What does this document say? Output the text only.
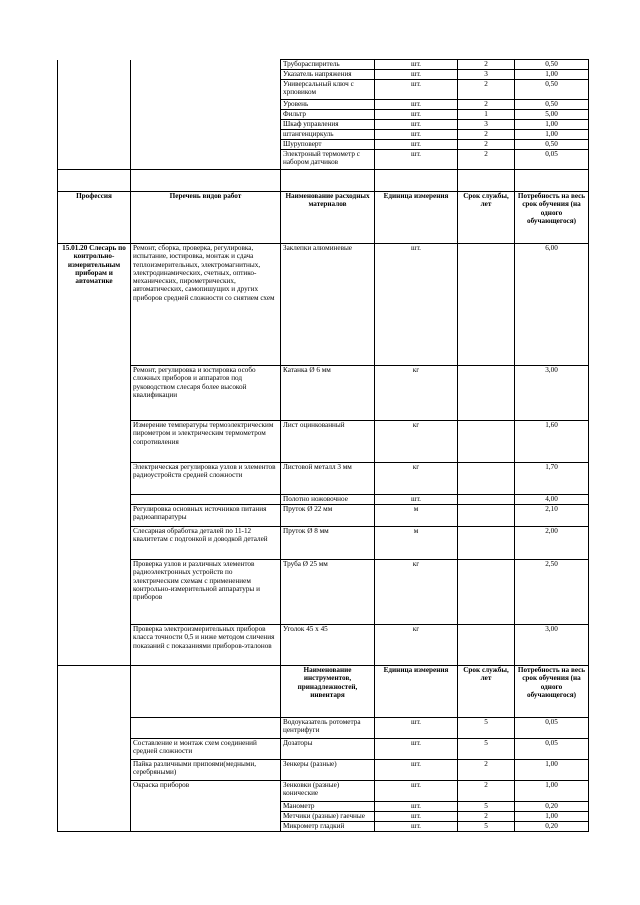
		Трубораспиритель	шт.	2	0,50
		Указатель напряжения	шт.	3	1,00
		Универсальный ключ с хрповиком	шт.	2	0,50
		Уровень	шт.	2	0,50
		Фильтр	шт.	1	5,00
		Шкаф управления	шт.	3	1,00
		штангенциркуль	шт.	2	1,00
		Шуруповерт	шт.	2	0,50
		Электроный термометр с набором датчиков	шт.	2	0,05

Профессия	Перечень видов работ	Наименование расходных материалов	Единица измерения	Срок службы, лет	Потребность на весь срок обучения (на одного обучающегося)
15.01.20 Слесарь по контрольно-измерительным приборам и автоматике	Ремонт, сборка, проверка, регулировка, испытание, юстировка, монтаж и сдача теплоизмерительных, электромагнитных, электродинамических, счетных, оптико-механических, пирометрических, автоматических, самопишущих и других приборов средней сложности со снятием схем	Заклепки алюминевые	шт.		6,00
	Ремонт, регулировка и юстировка особо сложных приборов и аппаратов под руководством слесаря более высокой квалификации	Катанка Ø 6 мм	кг		3,00
	Измерение температуры термоэлектрическим пирометром и электрическим термометром сопротивления	Лист оцинкованный	кг		1,60
	Электрическая регулировка узлов и элементов радиоустройств средней сложности	Листовой металл 3 мм	кг		1,70
		Полотно ножовочное	шт.		4,00
	Регулировка основных источников питания радиоаппаратуры	Пруток Ø 22 мм	м		2,10
	Слесарная обработка деталей по 11-12 квалитетам с подгонкой и доводкой деталей	Пруток Ø 8 мм	м		2,00
	Проверка узлов и различных элементов радиоэлектронных устройств по электрическим схемам с применением контрольно-измерительной аппаратуры и приборов	Труба Ø 25 мм	кг		2,50
	Проверка электроизмерительных приборов класса точности 0,5 и ниже методом сличения показаний с показаниями приборов-эталонов	Уголок 45 х 45	кг		3,00
		Наименование инструментов, принадлежностей, инвентаря	Единица измерения	Срок службы, лет	Потребность на весь срок обучения (на одного обучающегося)
		Водоуказатель ротометра центрифуги	шт.	5	0,05
	Составление и монтаж схем соединений средней сложности	Дозаторы	шт.	5	0,05
	Пайка различными припоями(медными, серебряными)	Зенкеры (разные)	шт.	2	1,00
	Окраска приборов	Зенковки (разные) конические	шт.	2	1,00
		Манометр	шт.	5	0,20
		Метчики (разные) гаечные	шт.	2	1,00
		Микрометр гладкий	шт.	5	0,20
